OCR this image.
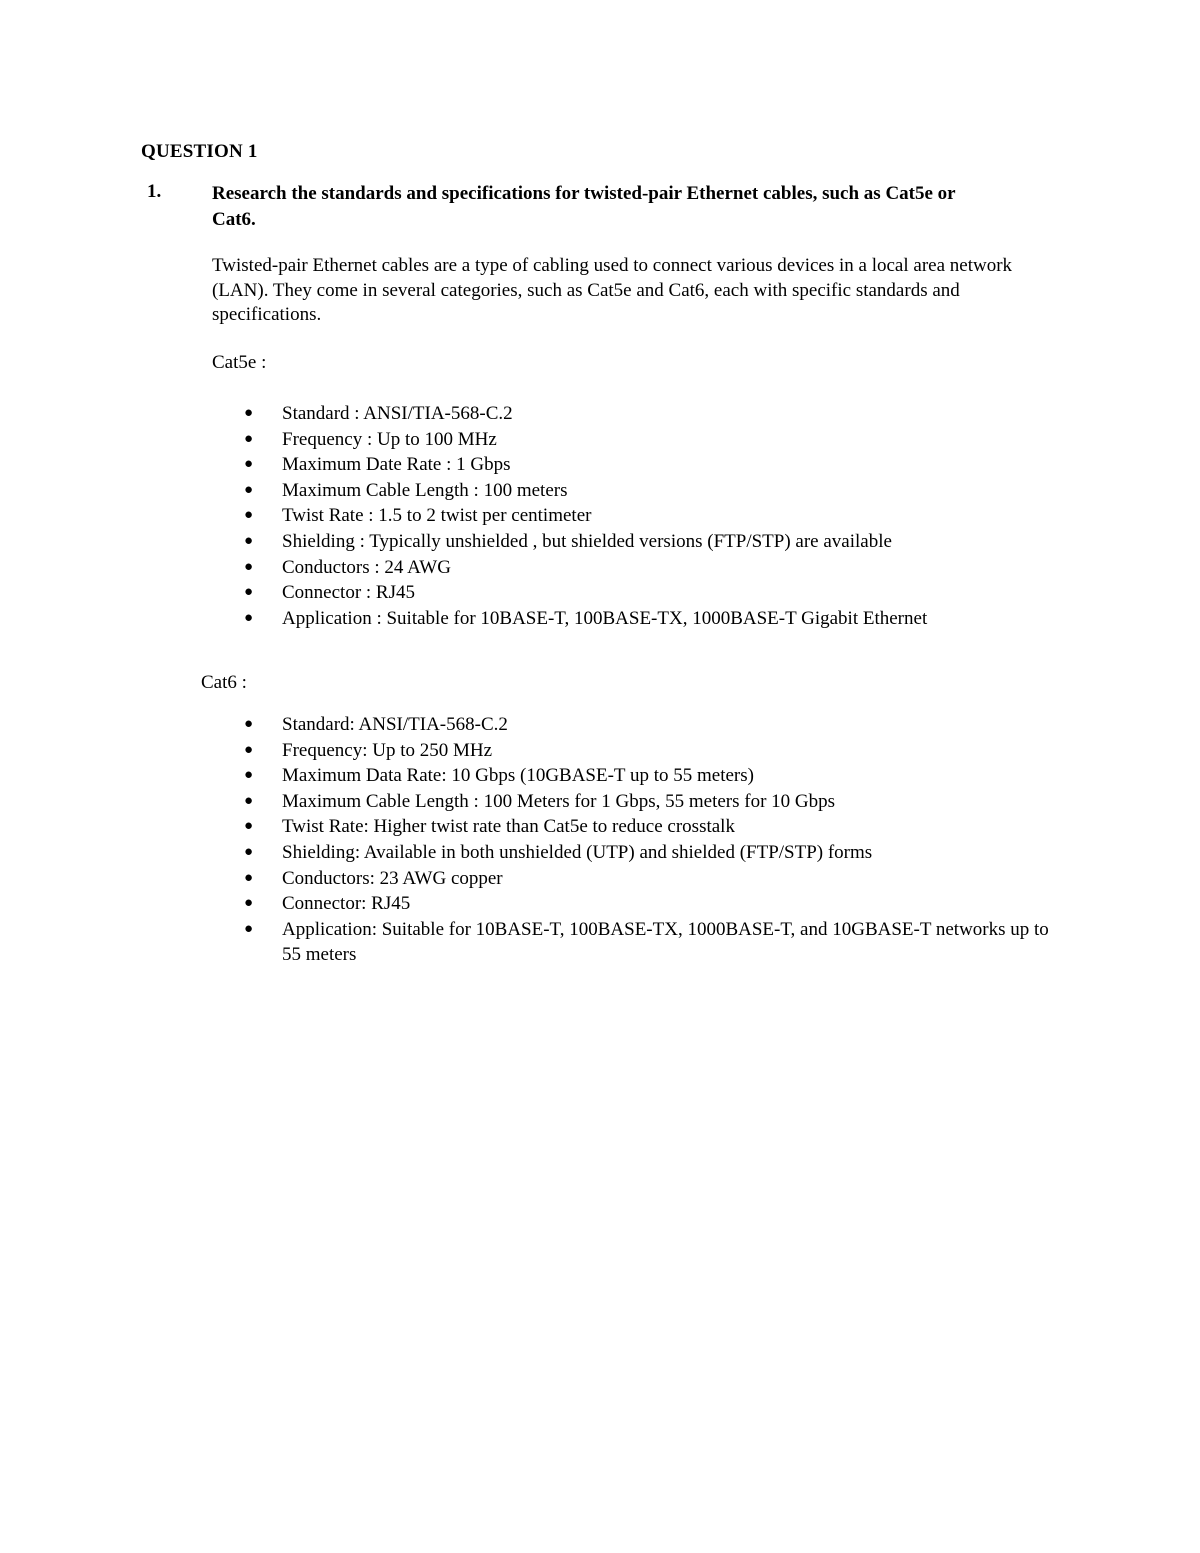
QUESTION 1
1.	Research the standards and specifications for twisted-pair Ethernet cables, such as Cat5e or Cat6.

Twisted-pair Ethernet cables are a type of cabling used to connect various devices in a local area network (LAN). They come in several categories, such as Cat5e and Cat6, each with specific standards and specifications.

Cat5e :

● Standard : ANSI/TIA-568-C.2
● Frequency : Up to 100 MHz
● Maximum Date Rate : 1 Gbps
● Maximum Cable Length : 100 meters
● Twist Rate : 1.5 to 2 twist per centimeter
● Shielding : Typically unshielded , but shielded versions (FTP/STP) are available
● Conductors : 24 AWG
● Connector : RJ45
● Application : Suitable for 10BASE-T, 100BASE-TX, 1000BASE-T Gigabit Ethernet

Cat6 :

● Standard: ANSI/TIA-568-C.2
● Frequency: Up to 250 MHz
● Maximum Data Rate: 10 Gbps (10GBASE-T up to 55 meters)
● Maximum Cable Length : 100 Meters for 1 Gbps, 55 meters for 10 Gbps
● Twist Rate: Higher twist rate than Cat5e to reduce crosstalk
● Shielding: Available in both unshielded (UTP) and shielded (FTP/STP) forms
● Conductors: 23 AWG copper
● Connector: RJ45
● Application: Suitable for 10BASE-T, 100BASE-TX, 1000BASE-T, and 10GBASE-T networks up to 55 meters
